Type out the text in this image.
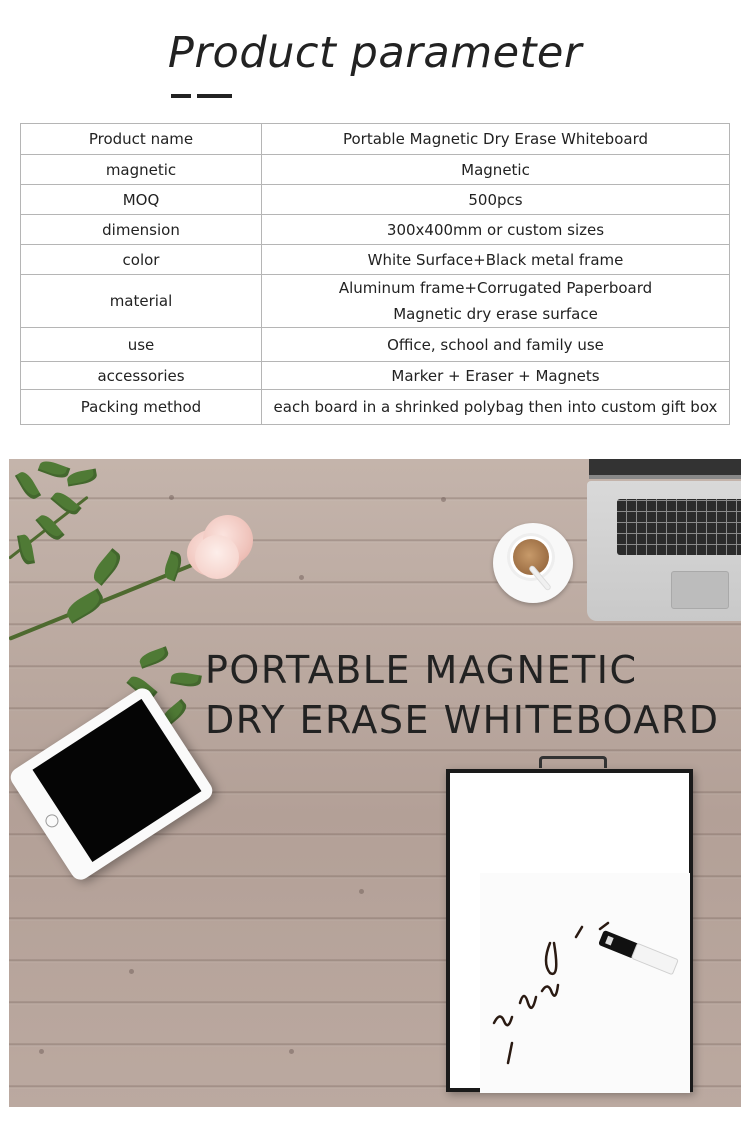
Product parameter
Product name	Portable Magnetic Dry Erase Whiteboard
magnetic	Magnetic
MOQ	500pcs
dimension	300x400mm or custom sizes
color	White Surface+Black metal frame
material	Aluminum frame+Corrugated Paperboard
Magnetic dry erase surface

use	Office, school and family use
accessories	Marker + Eraser + Magnets
Packing method	each board in a shrinked polybag then into custom gift box
PORTABLE MAGNETIC
DRY ERASE WHITEBOARD
